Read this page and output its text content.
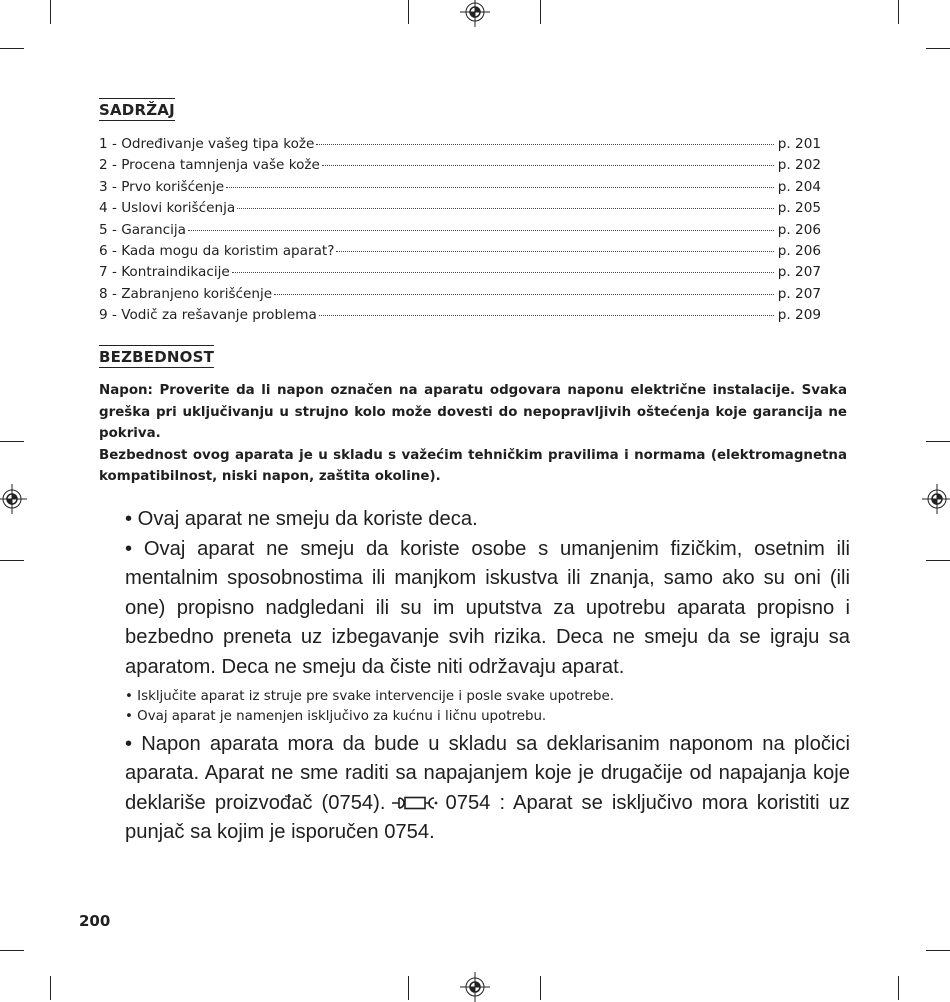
SADRŽAJ
1 - Određivanje vašeg tipa kože	p. 201
2 - Procena tamnjenja vaše kože	p. 202
3 - Prvo korišćenje	p. 204
4 - Uslovi korišćenja	p. 205
5 - Garancija	p. 206
6 - Kada mogu da koristim aparat?	p. 206
7 - Kontraindikacije	p. 207
8 - Zabranjeno korišćenje	p. 207
9 - Vodič za rešavanje problema	p. 209
BEZBEDNOST

Napon: Proverite da li napon označen na aparatu odgovara naponu električne instalacije. Svaka greška pri uključivanju u strujno kolo može dovesti do nepopravljivih oštećenja koje garancija ne pokriva.

Bezbednost ovog aparata je u skladu s važećim tehničkim pravilima i normama (elektromagnetna kompatibilnost, niski napon, zaštita okoline).

• Ovaj aparat ne smeju da koriste deca.

• Ovaj aparat ne smeju da koriste osobe s umanjenim fizičkim, osetnim ili mentalnim sposobnostima ili manjkom iskustva ili znanja, samo ako su oni (ili one) propisno nadgledani ili su im uputstva za upotrebu aparata propisno i bezbedno preneta uz izbegavanje svih rizika. Deca ne smeju da se igraju sa aparatom. Deca ne smeju da čiste niti održavaju aparat.

• Isključite aparat iz struje pre svake intervencije i posle svake upotrebe.

• Ovaj aparat je namenjen isključivo za kućnu i ličnu upotrebu.

• Napon aparata mora da bude u skladu sa deklarisanim naponom na pločici aparata. Aparat ne sme raditi sa napajanjem koje je drugačije od napajanja koje deklariše proizvođač (0754).	0754 : Aparat se isključivo mora koristiti uz punjač sa kojim je isporučen 0754.

200
